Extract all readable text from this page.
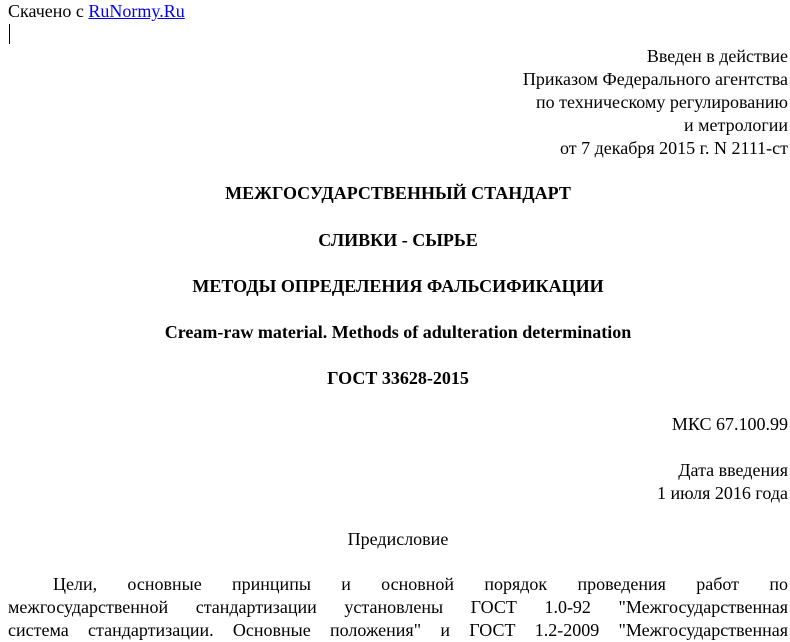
Скачено с RuNormy.Ru
Введен в действие
Приказом Федерального агентства
по техническому регулированию
и метрологии
от 7 декабря 2015 г. N 2111-ст
МЕЖГОСУДАРСТВЕННЫЙ СТАНДАРТ
СЛИВКИ - СЫРЬЕ
МЕТОДЫ ОПРЕДЕЛЕНИЯ ФАЛЬСИФИКАЦИИ
Cream-raw material. Methods of adulteration determination
ГОСТ 33628-2015
МКС 67.100.99
Дата введения
1 июля 2016 года
Предисловие
Цели, основные принципы и основной порядок проведения работ по
межгосударственной стандартизации установлены ГОСТ 1.0-92 "Межгосударственная
система стандартизации. Основные положения" и ГОСТ 1.2-2009 "Межгосударственная
